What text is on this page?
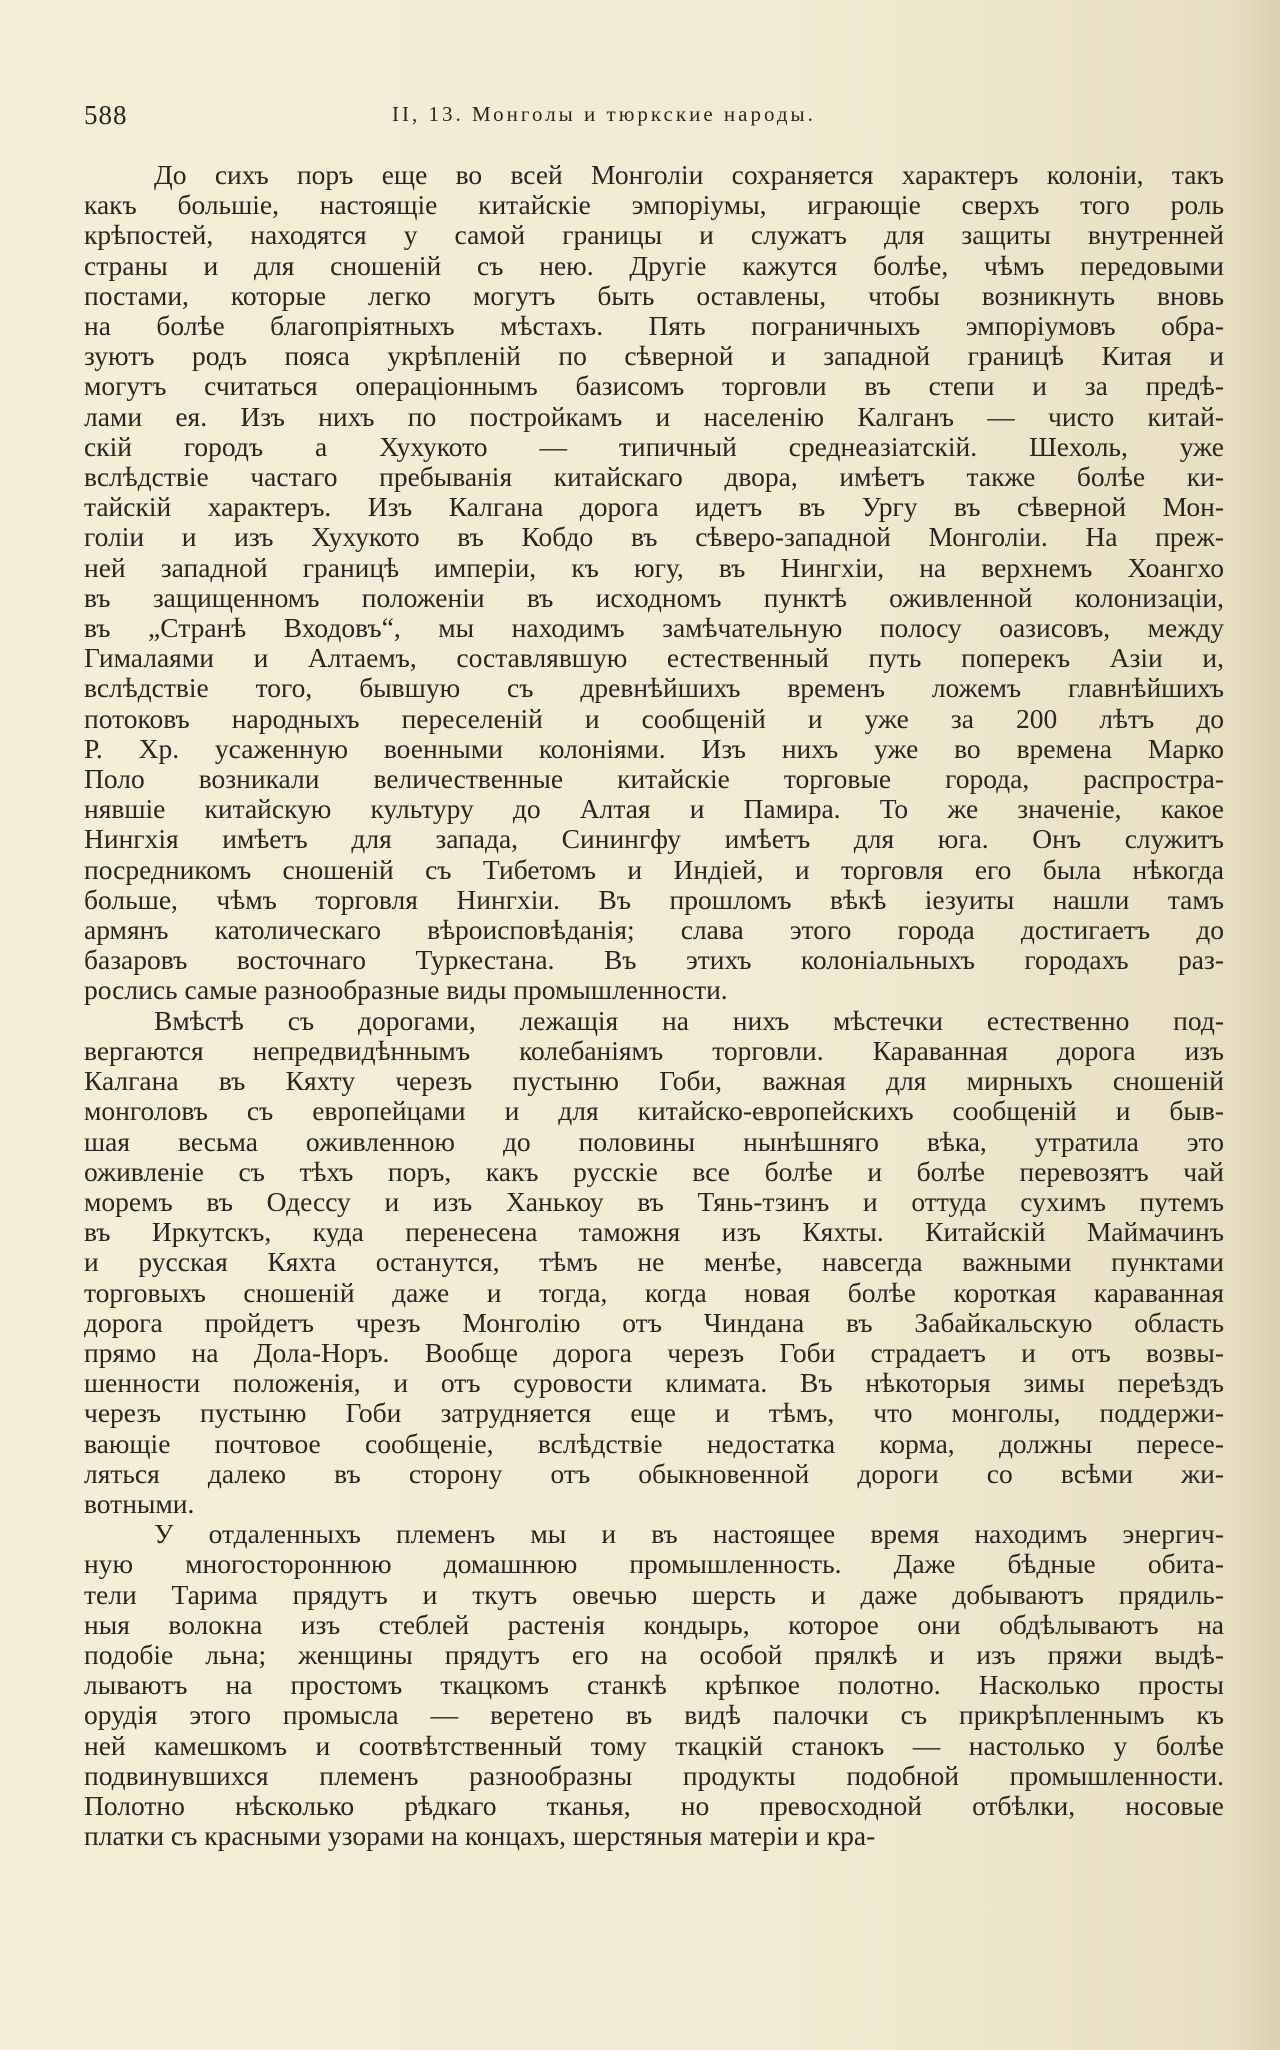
588	II, 13. Монголы и тюркские народы.
До сихъ поръ еще во всей Монголіи сохраняется характеръ колоніи, такъ
какъ большіе, настоящіе китайскіе эмпоріумы, играющіе сверхъ того роль
крѣпостей, находятся у самой границы и служатъ для защиты внутренней
страны и для сношеній съ нею. Другіе кажутся болѣе, чѣмъ передовыми
постами, которые легко могутъ быть оставлены, чтобы возникнуть вновь
на болѣе благопріятныхъ мѣстахъ. Пять пограничныхъ эмпоріумовъ обра-
зуютъ родъ пояса укрѣпленій по сѣверной и западной границѣ Китая и
могутъ считаться операціоннымъ базисомъ торговли въ степи и за предѣ-
лами ея. Изъ нихъ по постройкамъ и населенію Калганъ — чисто китай-
скій городъ а Хухукото — типичный среднеазіатскій. Шехоль, уже
вслѣдствіе частаго пребыванія китайскаго двора, имѣетъ также болѣе ки-
тайскій характеръ. Изъ Калгана дорога идетъ въ Ургу въ сѣверной Мон-
голіи и изъ Хухукото въ Кобдо въ сѣверо-западной Монголіи. На преж-
ней западной границѣ имперіи, къ югу, въ Нингхіи, на верхнемъ Хоангхо
въ защищенномъ положеніи въ исходномъ пунктѣ оживленной колонизаціи,
въ „Странѣ Входовъ“, мы находимъ замѣчательную полосу оазисовъ, между
Гималаями и Алтаемъ, составлявшую естественный путь поперекъ Азіи и,
вслѣдствіе того, бывшую съ древнѣйшихъ временъ ложемъ главнѣйшихъ
потоковъ народныхъ переселеній и сообщеній и уже за 200 лѣтъ до
Р. Хр. усаженную военными колоніями. Изъ нихъ уже во времена Марко
Поло возникали величественные китайскіе торговые города, распростра-
нявшіе китайскую культуру до Алтая и Памира. То же значеніе, какое
Нингхія имѣетъ для запада, Синингфу имѣетъ для юга. Онъ служитъ
посредникомъ сношеній съ Тибетомъ и Индіей, и торговля его была нѣкогда
больше, чѣмъ торговля Нингхіи. Въ прошломъ вѣкѣ іезуиты нашли тамъ
армянъ католическаго вѣроисповѣданія; слава этого города достигаетъ до
базаровъ восточнаго Туркестана. Въ этихъ колоніальныхъ городахъ раз-
рослись самые разнообразные виды промышленности.
Вмѣстѣ съ дорогами, лежащія на нихъ мѣстечки естественно под-
вергаются непредвидѣннымъ колебаніямъ торговли. Караванная дорога изъ
Калгана въ Кяхту черезъ пустыню Гоби, важная для мирныхъ сношеній
монголовъ съ европейцами и для китайско-европейскихъ сообщеній и быв-
шая весьма оживленною до половины нынѣшняго вѣка, утратила это
оживленіе съ тѣхъ поръ, какъ русскіе все болѣе и болѣе перевозятъ чай
моремъ въ Одессу и изъ Ханькоу въ Тянь-тзинъ и оттуда сухимъ путемъ
въ Иркутскъ, куда перенесена таможня изъ Кяхты. Китайскій Маймачинъ
и русская Кяхта останутся, тѣмъ не менѣе, навсегда важными пунктами
торговыхъ сношеній даже и тогда, когда новая болѣе короткая караванная
дорога пройдетъ чрезъ Монголію отъ Чиндана въ Забайкальскую область
прямо на Дола-Норъ. Вообще дорога черезъ Гоби страдаетъ и отъ возвы-
шенности положенія, и отъ суровости климата. Въ нѣкоторыя зимы переѣздъ
черезъ пустыню Гоби затрудняется еще и тѣмъ, что монголы, поддержи-
вающіе почтовое сообщеніе, вслѣдствіе недостатка корма, должны пересе-
ляться далеко въ сторону отъ обыкновенной дороги со всѣми жи-
вотными.
У отдаленныхъ племенъ мы и въ настоящее время находимъ энергич-
ную многостороннюю домашнюю промышленность. Даже бѣдные обита-
тели Тарима прядутъ и ткутъ овечью шерсть и даже добываютъ прядиль-
ныя волокна изъ стеблей растенія кондырь, которое они обдѣлываютъ на
подобіе льна; женщины прядутъ его на особой прялкѣ и изъ пряжи выдѣ-
лываютъ на простомъ ткацкомъ станкѣ крѣпкое полотно. Насколько просты
орудія этого промысла — веретено въ видѣ палочки съ прикрѣпленнымъ къ
ней камешкомъ и соотвѣтственный тому ткацкій станокъ — настолько у болѣе
подвинувшихся племенъ разнообразны продукты подобной промышленности.
Полотно нѣсколько рѣдкаго тканья, но превосходной отбѣлки, носовые
платки съ красными узорами на концахъ, шерстяныя матеріи и кра-
